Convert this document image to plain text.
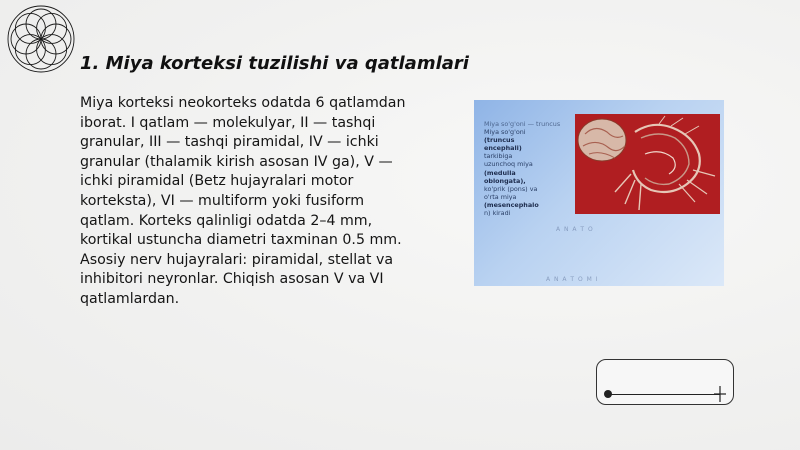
1. Miya korteksi tuzilishi va qatlamlari
Miya korteksi neokorteks odatda 6 qatlamdan iborat. I qatlam — molekulyar, II — tashqi granular, III — tashqi piramidal, IV — ichki granular (thalamik kirish asosan IV ga), V — ichki piramidal (Betz hujayralari motor korteksta), VI — multiform yoki fusiform qatlam. Korteks qalinligi odatda 2–4 mm, kortikal ustuncha diametri taxminan 0.5 mm. Asosiy nerv hujayralari: piramidal, stellat va inhibitori neyronlar. Chiqish asosan V va VI qatlamlardan.
Miya so'g'oni — truncus
Miya so'g'oni
(truncus
encephali)
tarkibiga
uzunchoq miya
(medulla
oblongata),
ko'prik (pons) va
o'rta miya
(mesencephalo
n) kiradi
A N A T O
A N A T O M I
